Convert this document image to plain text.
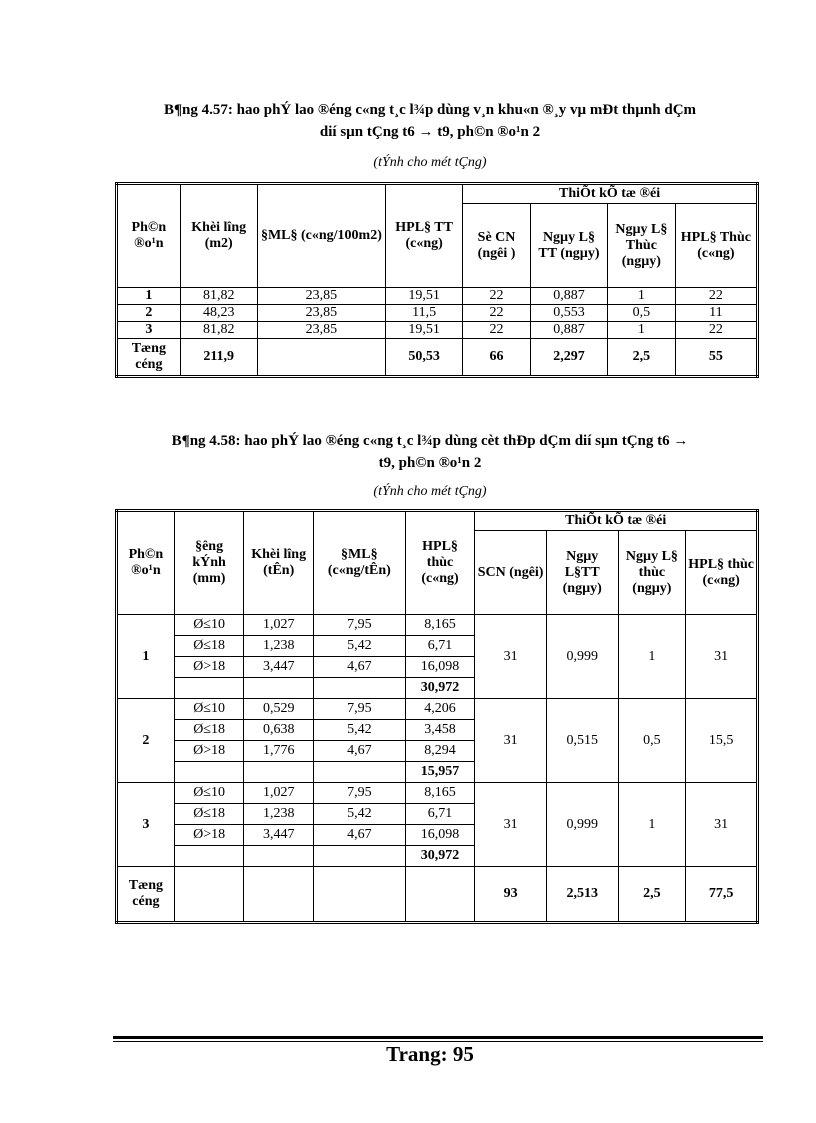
B¶ng 4.57: hao phÝ lao ®éng c«ng t¸c l¾p dùng v¸n khu«n ®¸y vµ mÐt thµnh dÇm
dií sµn tÇng t6 → t9, ph©n ®o¹n 2
(tÝnh cho mét tÇng)
Ph©n ®o¹n	Khèi lîng (m2)	§ML§ (c«ng/100m2)	HPL§ TT (c«ng)	ThiÕt kÕ tæ ®éi			
				Sè CN (ngêi )	Ngµy L§ TT (ngµy)	Ngµy L§ Thùc (ngµy)	HPL§ Thùc (c«ng)
1	81,82	23,85	19,51	22	0,887	1	22
2	48,23	23,85	11,5	22	0,553	0,5	11
3	81,82	23,85	19,51	22	0,887	1	22
Tæng céng	211,9		50,53	66	2,297	2,5	55
B¶ng 4.58: hao phÝ lao ®éng c«ng t¸c l¾p dùng cèt thÐp dÇm dií sµn tÇng t6 →
t9, ph©n ®o¹n 2
(tÝnh cho mét tÇng)
Ph©n ®o¹n	§êng kÝnh (mm)	Khèi lîng (tÊn)	§ML§ (c«ng/tÊn)	HPL§ thùc (c«ng)	ThiÕt kÕ tæ ®éi			
					SCN (ngêi)	Ngµy L§TT (ngµy)	Ngµy L§ thùc (ngµy)	HPL§ thùc (c«ng)
1	Ø≤10	1,027	7,95	8,165	31	0,999	1	31
	Ø≤18	1,238	5,42	6,71				
	Ø>18	3,447	4,67	16,098				
				30,972				
2	Ø≤10	0,529	7,95	4,206	31	0,515	0,5	15,5
	Ø≤18	0,638	5,42	3,458				
	Ø>18	1,776	4,67	8,294				
				15,957				
3	Ø≤10	1,027	7,95	8,165	31	0,999	1	31
	Ø≤18	1,238	5,42	6,71				
	Ø>18	3,447	4,67	16,098				
				30,972				
Tæng céng					93	2,513	2,5	77,5
Trang: 95
